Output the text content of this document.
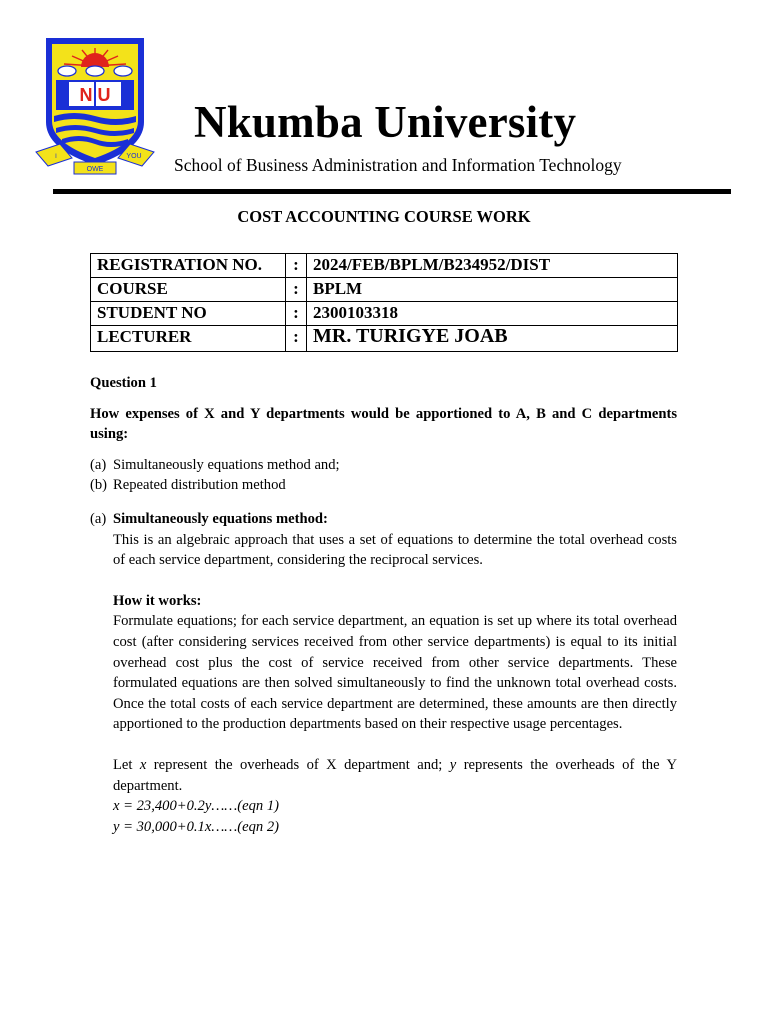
N U
I
OWE
YOU
Nkumba University
School of Business Administration and Information Technology
COST ACCOUNTING COURSE WORK
REGISTRATION NO.	:	2024/FEB/BPLM/B234952/DIST
COURSE	:	BPLM
STUDENT NO	:	2300103318
LECTURER	:	MR. TURIGYE JOAB
Question 1
How expenses of X and Y departments would be apportioned to A, B and C departments using:
(a) Simultaneously equations method and;
(b) Repeated distribution method
(a) Simultaneously equations method:
This is an algebraic approach that uses a set of equations to determine the total overhead costs of each service department, considering the reciprocal services.
How it works:
Formulate equations; for each service department, an equation is set up where its total overhead cost (after considering services received from other service departments) is equal to its initial overhead cost plus the cost of service received from other service departments. These formulated equations are then solved simultaneously to find the unknown total overhead costs. Once the total costs of each service department are determined, these amounts are then directly apportioned to the production departments based on their respective usage percentages.
Let x represent the overheads of X department and; y represents the overheads of the Y department.
x = 23,400+0.2y……(eqn 1)
y = 30,000+0.1x……(eqn 2)
